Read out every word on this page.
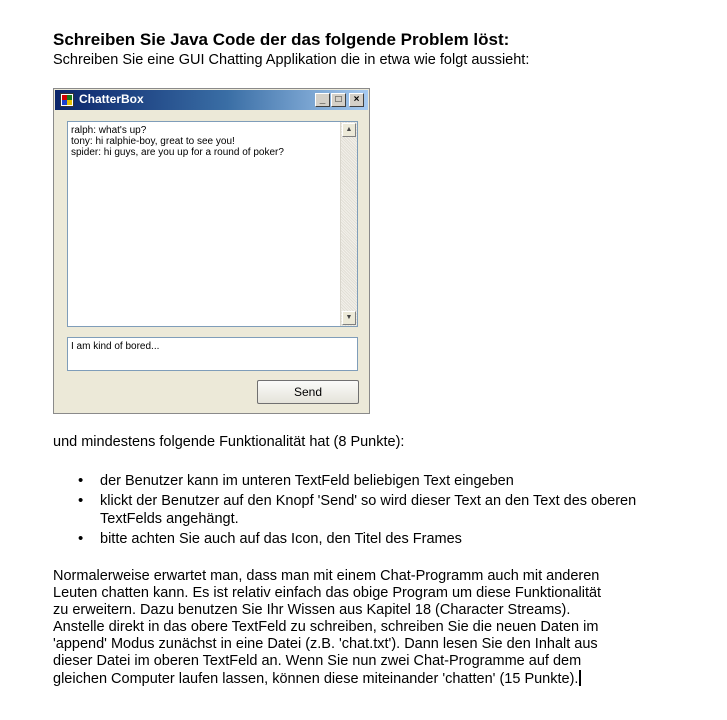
Schreiben Sie Java Code der das folgende Problem löst:
Schreiben Sie eine GUI Chatting Applikation die in etwa wie folgt aussieht:
ChatterBox	_	□	×
ralph: what's up?
tony: hi ralphie-boy, great to see you!
spider: hi guys, are you up for a round of poker?
▲
▼
I am kind of bored...
Send
und mindestens folgende Funktionalität hat (8 Punkte):
• der Benutzer kann im unteren TextFeld beliebigen Text eingeben
• klickt der Benutzer auf den Knopf 'Send' so wird dieser Text an den Text des oberen TextFelds angehängt.
• bitte achten Sie auch auf das Icon, den Titel des Frames
Normalerweise erwartet man, dass man mit einem Chat-Programm auch mit anderen
Leuten chatten kann. Es ist relativ einfach das obige Program um diese Funktionalität
zu erweitern. Dazu benutzen Sie Ihr Wissen aus Kapitel 18 (Character Streams).
Anstelle direkt in das obere TextFeld zu schreiben, schreiben Sie die neuen Daten im
'append' Modus zunächst in eine Datei (z.B. 'chat.txt'). Dann lesen Sie den Inhalt aus
dieser Datei im oberen TextFeld an. Wenn Sie nun zwei Chat-Programme auf dem
gleichen Computer laufen lassen, können diese miteinander 'chatten' (15 Punkte).
